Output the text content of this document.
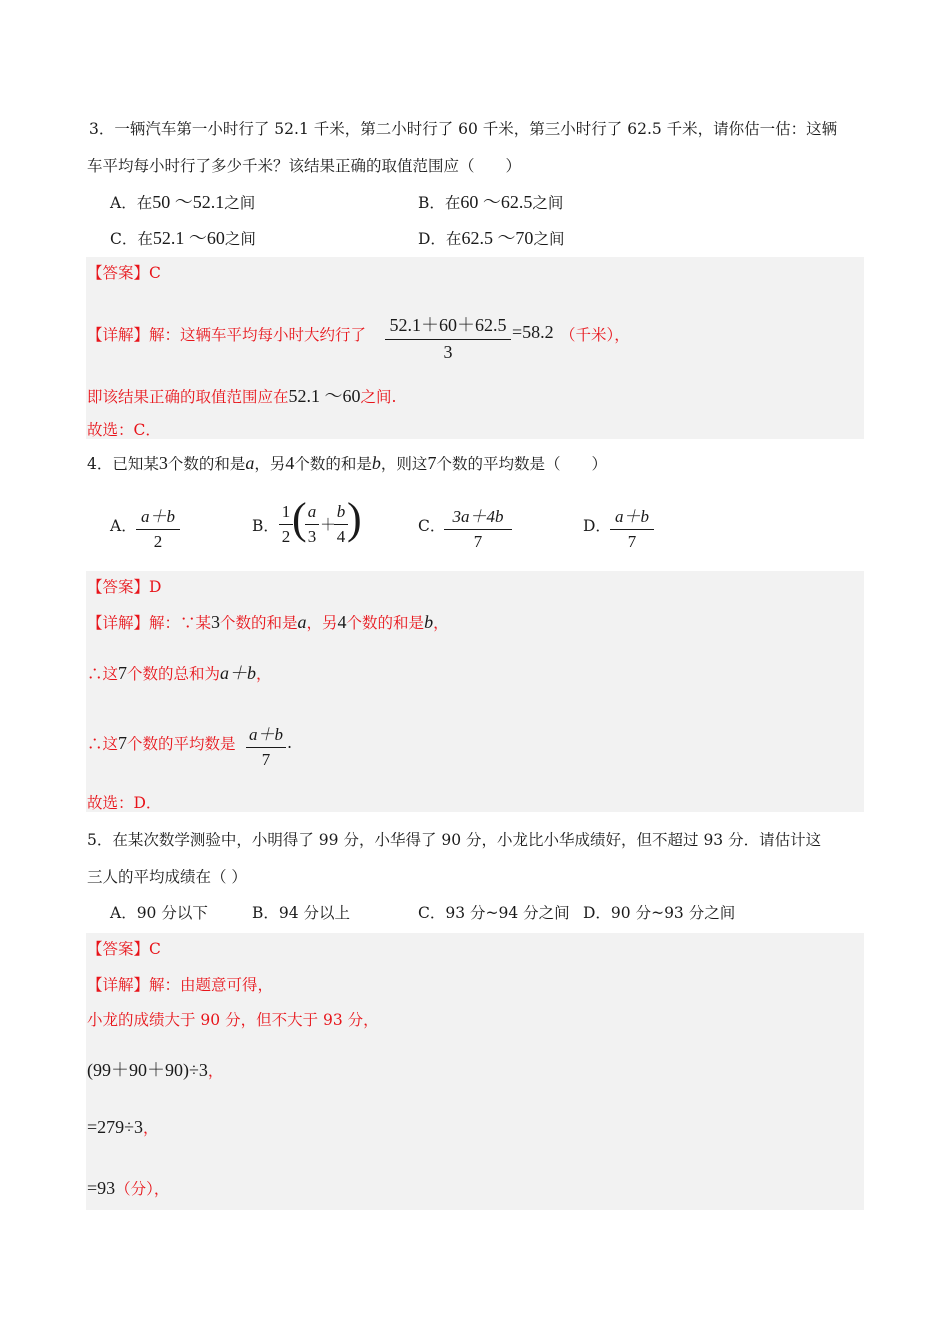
3．一辆汽车第一小时行了 52.1 千米，第二小时行了 60 千米，第三小时行了 62.5 千米，请你估一估：这辆
车平均每小时行了多少千米？该结果正确的取值范围应（　　）
A．在50 ～52.1之间	B．在60 ～62.5之间
C．在52.1 ～60之间	D．在62.5 ～70之间
【答案】C
【详解】解：这辆车平均每小时大约行了 52.1＋60＋62.5
3
=58.2 （千米），
即该结果正确的取值范围应在52.1 ～60之间.
故选：C．
4．已知某3个数的和是a，另4个数的和是b，则这7个数的平均数是（　　）
A． a＋b
2
B．
1
2 ( a
3
＋
b
4 )	C． 3a＋4b
7
D． a＋b
7
【答案】D
【详解】解：∵某3个数的和是a，另4个数的和是b，
∴这7个数的总和为a＋b，
∴这7个数的平均数是 a＋b
7
.
故选：D．
5．在某次数学测验中，小明得了 99 分，小华得了 90 分，小龙比小华成绩好，但不超过 93 分．请估计这
三人的平均成绩在（ ）
A．90 分以下	B．94 分以上	C．93 分~94 分之间 D．90 分~93 分之间
【答案】C
【详解】解：由题意可得，
小龙的成绩大于 90 分，但不大于 93 分，
(99＋90＋90)÷3，
=279÷3，
=93（分），
